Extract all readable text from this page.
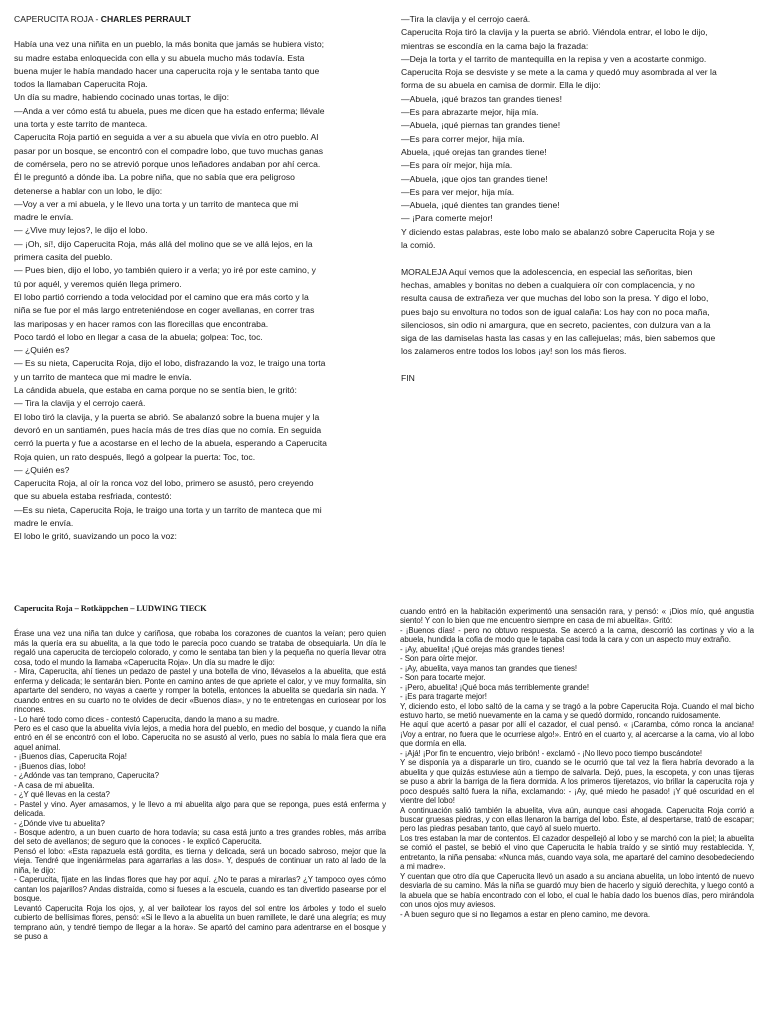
CAPERUCITA ROJA - CHARLES PERRAULT
Había una vez una niñita en un pueblo, la más bonita que jamás se hubiera visto;
su madre estaba enloquecida con ella y su abuela mucho más todavía. Esta
buena mujer le había mandado hacer una caperucita roja y le sentaba tanto que
todos la llamaban Caperucita Roja.
Un día su madre, habiendo cocinado unas tortas, le dijo:
—Anda a ver cómo está tu abuela, pues me dicen que ha estado enferma; llévale
una torta y este tarrito de manteca.
Caperucita Roja partió en seguida a ver a su abuela que vivía en otro pueblo. Al
pasar por un bosque, se encontró con el compadre lobo, que tuvo muchas ganas
de comérsela, pero no se atrevió porque unos leñadores andaban por ahí cerca.
Él le preguntó a dónde iba. La pobre niña, que no sabía que era peligroso
detenerse a hablar con un lobo, le dijo:
—Voy a ver a mi abuela, y le llevo una torta y un tarrito de manteca que mi
madre le envía.
— ¿Vive muy lejos?, le dijo el lobo.
— ¡Oh, sí!, dijo Caperucita Roja, más allá del molino que se ve allá lejos, en la
primera casita del pueblo.
— Pues bien, dijo el lobo, yo también quiero ir a verla; yo iré por este camino, y
tú por aquél, y veremos quién llega primero.
El lobo partió corriendo a toda velocidad por el camino que era más corto y la
niña se fue por el más largo entreteniéndose en coger avellanas, en correr tras
las mariposas y en hacer ramos con las florecillas que encontraba.
Poco tardó el lobo en llegar a casa de la abuela; golpea: Toc, toc.
— ¿Quién es?
— Es su nieta, Caperucita Roja, dijo el lobo, disfrazando la voz, le traigo una torta
y un tarrito de manteca que mi madre le envía.
La cándida abuela, que estaba en cama porque no se sentía bien, le gritó:
— Tira la clavija y el cerrojo caerá.
El lobo tiró la clavija, y la puerta se abrió. Se abalanzó sobre la buena mujer y la
devoró en un santiamén, pues hacía más de tres días que no comía. En seguida
cerró la puerta y fue a acostarse en el lecho de la abuela, esperando a Caperucita
Roja quien, un rato después, llegó a golpear la puerta: Toc, toc.
— ¿Quién es?
Caperucita Roja, al oír la ronca voz del lobo, primero se asustó, pero creyendo
que su abuela estaba resfriada, contestó:
—Es su nieta, Caperucita Roja, le traigo una torta y un tarrito de manteca que mi
madre le envía.
El lobo le gritó, suavizando un poco la voz:
—Tira la clavija y el cerrojo caerá.
Caperucita Roja tiró la clavija y la puerta se abrió. Viéndola entrar, el lobo le dijo,
mientras se escondía en la cama bajo la frazada:
—Deja la torta y el tarrito de mantequilla en la repisa y ven a acostarte conmigo.
Caperucita Roja se desviste y se mete a la cama y quedó muy asombrada al ver la
forma de su abuela en camisa de dormir. Ella le dijo:
—Abuela, ¡qué brazos tan grandes tienes!
—Es para abrazarte mejor, hija mía.
—Abuela, ¡qué piernas tan grandes tiene!
—Es para correr mejor, hija mía.
Abuela, ¡qué orejas tan grandes tiene!
—Es para oír mejor, hija mía.
—Abuela, ¡que ojos tan grandes tiene!
—Es para ver mejor, hija mía.
—Abuela, ¡qué dientes tan grandes tiene!
— ¡Para comerte mejor!
Y diciendo estas palabras, este lobo malo se abalanzó sobre Caperucita Roja y se
la comió.
MORALEJA Aquí vemos que la adolescencia, en especial las señoritas, bien
hechas, amables y bonitas no deben a cualquiera oír con complacencia, y no
resulta causa de extrañeza ver que muchas del lobo son la presa. Y digo el lobo,
pues bajo su envoltura no todos son de igual calaña: Los hay con no poca maña,
silenciosos, sin odio ni amargura, que en secreto, pacientes, con dulzura van a la
siga de las damiselas hasta las casas y en las callejuelas; más, bien sabemos que
los zalameros entre todos los lobos ¡ay! son los más fieros.
FIN
Caperucita Roja – Rotkäppchen – LUDWING TIECK
Érase una vez una niña tan dulce y cariñosa, que robaba los corazones de cuantos la veían; pero quien más la quería era su abuelita, a la que todo le parecía poco cuando se trataba de obsequiarla. Un día le regaló una caperucita de terciopelo colorado, y como le sentaba tan bien y la pequeña no quería llevar otra cosa, todo el mundo la llamaba «Caperucita Roja». Un día su madre le dijo:
- Mira, Caperucita, ahí tienes un pedazo de pastel y una botella de vino, llévaselos a la abuelita, que está enferma y delicada; le sentarán bien. Ponte en camino antes de que apriete el calor, y ve muy formalita, sin apartarte del sendero, no vayas a caerte y romper la botella, entonces la abuelita se quedaría sin nada. Y cuando entres en su cuarto no te olvides de decir «Buenos días», y no te entretengas en curiosear por los rincones.
- Lo haré todo como dices - contestó Caperucita, dando la mano a su madre.
Pero es el caso que la abuelita vivía lejos, a media hora del pueblo, en medio del bosque, y cuando la niña entró en él se encontró con el lobo. Caperucita no se asustó al verlo, pues no sabía lo mala fiera que era aquel animal.
- ¡Buenos días, Caperucita Roja!
- ¡Buenos días, lobo!
- ¿Adónde vas tan temprano, Caperucita?
- A casa de mi abuelita.
- ¿Y qué llevas en la cesta?
- Pastel y vino. Ayer amasamos, y le llevo a mi abuelita algo para que se reponga, pues está enferma y delicada.
- ¿Dónde vive tu abuelita?
- Bosque adentro, a un buen cuarto de hora todavía; su casa está junto a tres grandes robles, más arriba del seto de avellanos; de seguro que la conoces - le explicó Caperucita.
Pensó el lobo: «Esta rapazuela está gordita, es tierna y delicada, será un bocado sabroso, mejor que la vieja. Tendré que ingeniármelas para agarrarlas a las dos». Y, después de continuar un rato al lado de la niña, le dijo:
- Caperucita, fíjate en las lindas flores que hay por aquí. ¿No te paras a mirarlas? ¿Y tampoco oyes cómo cantan los pajarillos? Andas distraída, como si fueses a la escuela, cuando es tan divertido pasearse por el bosque.
Levantó Caperucita Roja los ojos, y, al ver bailotear los rayos del sol entre los árboles y todo el suelo cubierto de bellísimas flores, pensó: «Si le llevo a la abuelita un buen ramillete, le daré una alegría; es muy temprano aún, y tendré tiempo de llegar a la hora». Se apartó del camino para adentrarse en el bosque y se puso a
cuando entró en la habitación experimentó una sensación rara, y pensó: « ¡Dios mío, qué angustia siento! Y con lo bien que me encuentro siempre en casa de mi abuelita». Gritó:
- ¡Buenos días! - pero no obtuvo respuesta. Se acercó a la cama, descorrió las cortinas y vio a la abuela, hundida la cofia de modo que le tapaba casi toda la cara y con un aspecto muy extraño.
- ¡Ay, abuelita! ¡Qué orejas más grandes tienes!
- Son para oírte mejor.
- ¡Ay, abuelita, vaya manos tan grandes que tienes!
- Son para tocarte mejor.
- ¡Pero, abuelita! ¡Qué boca más terriblemente grande!
- ¡Es para tragarte mejor!
Y, diciendo esto, el lobo saltó de la cama y se tragó a la pobre Caperucita Roja. Cuando el mal bicho estuvo harto, se metió nuevamente en la cama y se quedó dormido, roncando ruidosamente.
He aquí que acertó a pasar por allí el cazador, el cual pensó. « ¡Caramba, cómo ronca la anciana! ¡Voy a entrar, no fuera que le ocurriese algo!». Entró en el cuarto y, al acercarse a la cama, vio al lobo que dormía en ella.
- ¡Ajá! ¡Por fin te encuentro, viejo bribón! - exclamó - ¡No llevo poco tiempo buscándote!
Y se disponía ya a dispararle un tiro, cuando se le ocurrió que tal vez la fiera habría devorado a la abuelita y que quizás estuviese aún a tiempo de salvarla. Dejó, pues, la escopeta, y con unas tijeras se puso a abrir la barriga de la fiera dormida. A los primeros tijeretazos, vio brillar la caperucita roja y poco después saltó fuera la niña, exclamando: - ¡Ay, qué miedo he pasado! ¡Y qué oscuridad en el vientre del lobo!
A continuación salió también la abuelita, viva aún, aunque casi ahogada. Caperucita Roja corrió a buscar gruesas piedras, y con ellas llenaron la barriga del lobo. Éste, al despertarse, trató de escapar; pero las piedras pesaban tanto, que cayó al suelo muerto.
Los tres estaban la mar de contentos. El cazador despellejó al lobo y se marchó con la piel; la abuelita se comió el pastel, se bebió el vino que Caperucita le había traído y se sintió muy restablecida. Y, entretanto, la niña pensaba: «Nunca más, cuando vaya sola, me apartaré del camino desobedeciendo a mi madre».
Y cuentan que otro día que Caperucita llevó un asado a su anciana abuelita, un lobo intentó de nuevo desviarla de su camino. Más la niña se guardó muy bien de hacerlo y siguió derechita, y luego contó a la abuela que se había encontrado con el lobo, el cual le había dado los buenos días, pero mirándola con unos ojos muy aviesos.
- A buen seguro que si no llegamos a estar en pleno camino, me devora.
